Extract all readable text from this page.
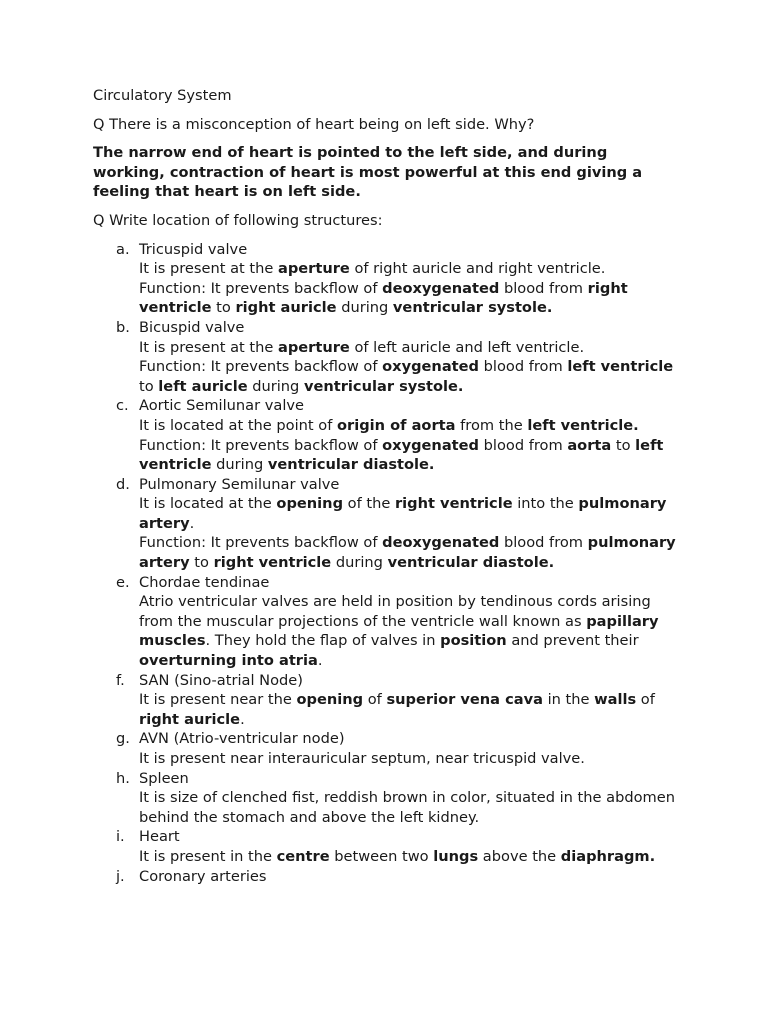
Circulatory System

Q There is a misconception of heart being on left side. Why?

The narrow end of heart is pointed to the left side, and during working, contraction of heart is most powerful at this end giving a feeling that heart is on left side.

Q Write location of following structures:

a. Tricuspid valve
It is present at the aperture of right auricle and right ventricle.
Function: It prevents backflow of deoxygenated blood from right ventricle to right auricle during ventricular systole.
b. Bicuspid valve
It is present at the aperture of left auricle and left ventricle.
Function: It prevents backflow of oxygenated blood from left ventricle to left auricle during ventricular systole.
c. Aortic Semilunar valve
It is located at the point of origin of aorta from the left ventricle.
Function: It prevents backflow of oxygenated blood from aorta to left ventricle during ventricular diastole.
d. Pulmonary Semilunar valve
It is located at the opening of the right ventricle into the pulmonary artery.
Function: It prevents backflow of deoxygenated blood from pulmonary artery to right ventricle during ventricular diastole.
e. Chordae tendinae
Atrio ventricular valves are held in position by tendinous cords arising from the muscular projections of the ventricle wall known as papillary muscles. They hold the flap of valves in position and prevent their overturning into atria.
f. SAN (Sino-atrial Node)
It is present near the opening of superior vena cava in the walls of right auricle.
g. AVN (Atrio-ventricular node)
It is present near interauricular septum, near tricuspid valve.
h. Spleen
It is size of clenched fist, reddish brown in color, situated in the abdomen behind the stomach and above the left kidney.
i. Heart
It is present in the centre between two lungs above the diaphragm.
j. Coronary arteries
